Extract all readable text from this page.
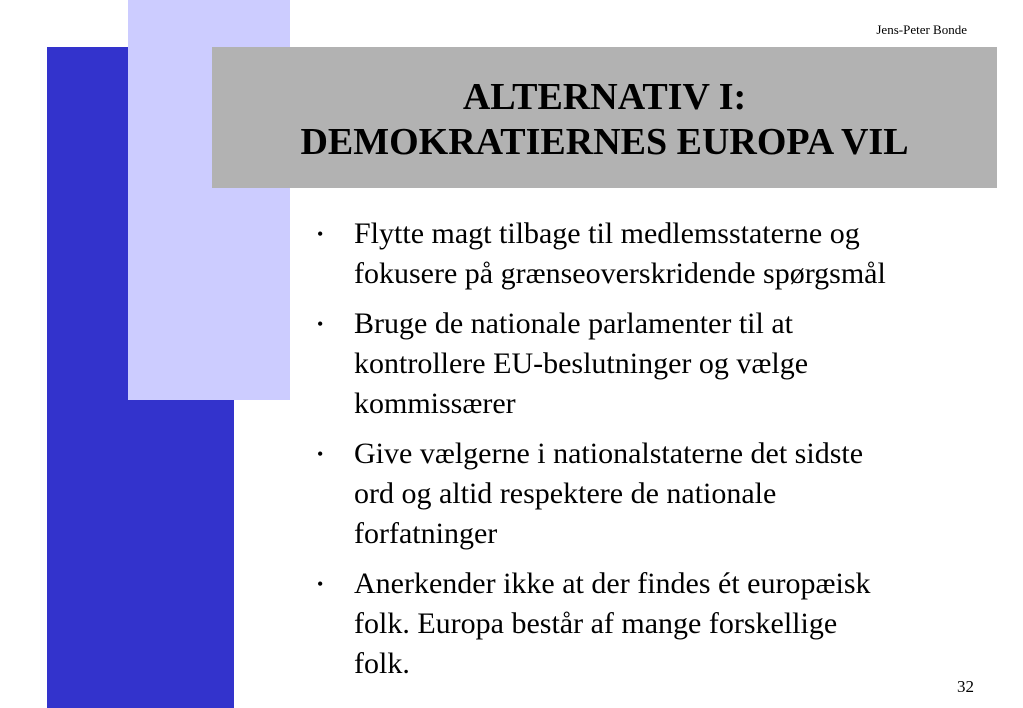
Jens-Peter Bonde
ALTERNATIV I:
DEMOKRATIERNES EUROPA VIL
•	Flytte magt tilbage til medlemsstaterne og
fokusere på grænseoverskridende spørgsmål
•	Bruge de nationale parlamenter til at
kontrollere EU-beslutninger og vælge
kommissærer
•	Give vælgerne i nationalstaterne det sidste
ord og altid respektere de nationale
forfatninger
•	Anerkender ikke at der findes ét europæisk
folk. Europa består af mange forskellige
folk.
32
